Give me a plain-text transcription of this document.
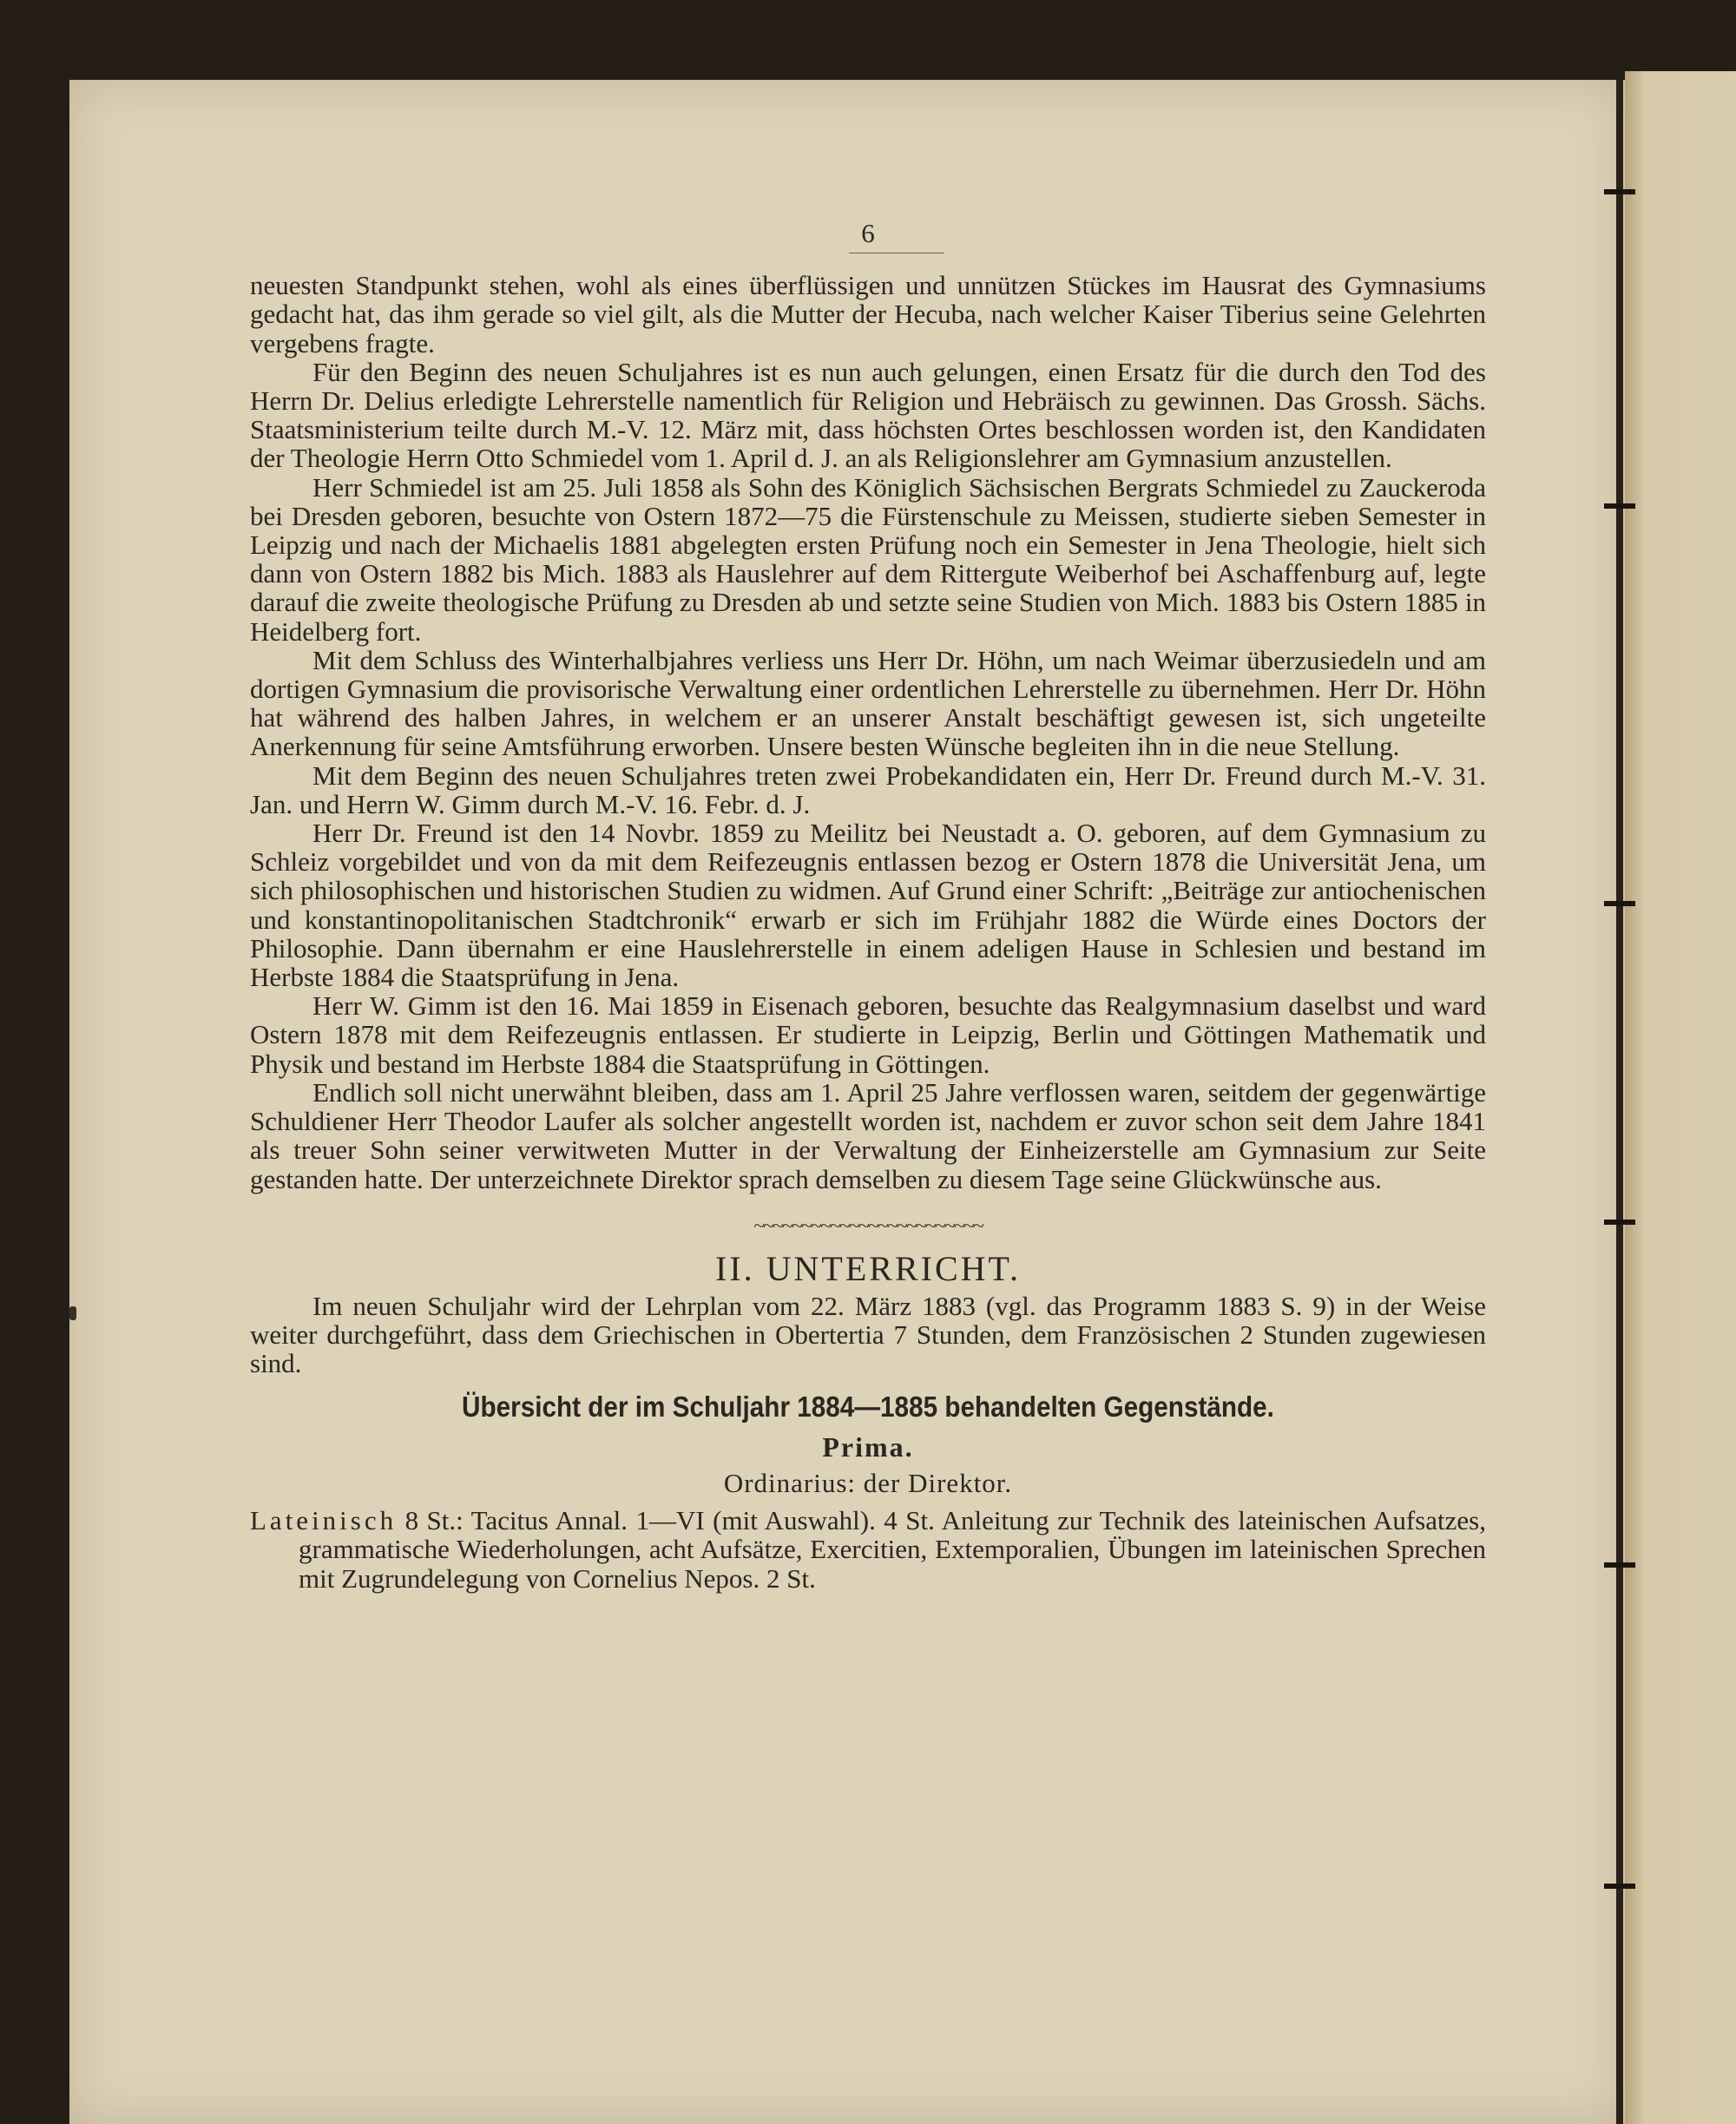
6

neuesten Standpunkt stehen, wohl als eines überflüssigen und unnützen Stückes im Hausrat des Gymnasiums gedacht hat, das ihm gerade so viel gilt, als die Mutter der Hecuba, nach welcher Kaiser Tiberius seine Gelehrten vergebens fragte.

Für den Beginn des neuen Schuljahres ist es nun auch gelungen, einen Ersatz für die durch den Tod des Herrn Dr. Delius erledigte Lehrerstelle namentlich für Religion und Hebräisch zu gewinnen. Das Grossh. Sächs. Staatsministerium teilte durch M.-V. 12. März mit, dass höchsten Ortes beschlossen worden ist, den Kandidaten der Theologie Herrn Otto Schmiedel vom 1. April d. J. an als Religionslehrer am Gymnasium anzustellen.

Herr Schmiedel ist am 25. Juli 1858 als Sohn des Königlich Sächsischen Bergrats Schmiedel zu Zauckeroda bei Dresden geboren, besuchte von Ostern 1872—75 die Fürstenschule zu Meissen, studierte sieben Semester in Leipzig und nach der Michaelis 1881 abgelegten ersten Prüfung noch ein Semester in Jena Theologie, hielt sich dann von Ostern 1882 bis Mich. 1883 als Hauslehrer auf dem Rittergute Weiberhof bei Aschaffenburg auf, legte darauf die zweite theologische Prüfung zu Dresden ab und setzte seine Studien von Mich. 1883 bis Ostern 1885 in Heidelberg fort.

Mit dem Schluss des Winterhalbjahres verliess uns Herr Dr. Höhn, um nach Weimar überzusiedeln und am dortigen Gymnasium die provisorische Verwaltung einer ordentlichen Lehrerstelle zu übernehmen. Herr Dr. Höhn hat während des halben Jahres, in welchem er an unserer Anstalt beschäftigt gewesen ist, sich ungeteilte Anerkennung für seine Amtsführung erworben. Unsere besten Wünsche begleiten ihn in die neue Stellung.

Mit dem Beginn des neuen Schuljahres treten zwei Probekandidaten ein, Herr Dr. Freund durch M.-V. 31. Jan. und Herrn W. Gimm durch M.-V. 16. Febr. d. J.

Herr Dr. Freund ist den 14 Novbr. 1859 zu Meilitz bei Neustadt a. O. geboren, auf dem Gymnasium zu Schleiz vorgebildet und von da mit dem Reifezeugnis entlassen bezog er Ostern 1878 die Universität Jena, um sich philosophischen und historischen Studien zu widmen. Auf Grund einer Schrift: „Beiträge zur antiochenischen und konstantinopolitanischen Stadtchronik“ erwarb er sich im Frühjahr 1882 die Würde eines Doctors der Philosophie. Dann übernahm er eine Hauslehrerstelle in einem adeligen Hause in Schlesien und bestand im Herbste 1884 die Staatsprüfung in Jena.

Herr W. Gimm ist den 16. Mai 1859 in Eisenach geboren, besuchte das Realgymnasium daselbst und ward Ostern 1878 mit dem Reifezeugnis entlassen. Er studierte in Leipzig, Berlin und Göttingen Mathematik und Physik und bestand im Herbste 1884 die Staatsprüfung in Göttingen.

Endlich soll nicht unerwähnt bleiben, dass am 1. April 25 Jahre verflossen waren, seitdem der gegenwärtige Schuldiener Herr Theodor Laufer als solcher angestellt worden ist, nachdem er zuvor schon seit dem Jahre 1841 als treuer Sohn seiner verwitweten Mutter in der Verwaltung der Einheizerstelle am Gymnasium zur Seite gestanden hatte. Der unterzeichnete Direktor sprach demselben zu diesem Tage seine Glückwünsche aus.

~~~~~~~~~~~~~~~~~~~~~~~~
II. UNTERRICHT.

Im neuen Schuljahr wird der Lehrplan vom 22. März 1883 (vgl. das Programm 1883 S. 9) in der Weise weiter durchgeführt, dass dem Griechischen in Obertertia 7 Stunden, dem Französischen 2 Stunden zugewiesen sind.

Übersicht der im Schuljahr 1884—1885 behandelten Gegenstände.
Prima.
Ordinarius: der Direktor.

Lateinisch 8 St.: Tacitus Annal. 1—VI (mit Auswahl). 4 St. Anleitung zur Technik des lateinischen Aufsatzes, grammatische Wiederholungen, acht Aufsätze, Exercitien, Extemporalien, Übungen im lateinischen Sprechen mit Zugrundelegung von Cornelius Nepos. 2 St.
